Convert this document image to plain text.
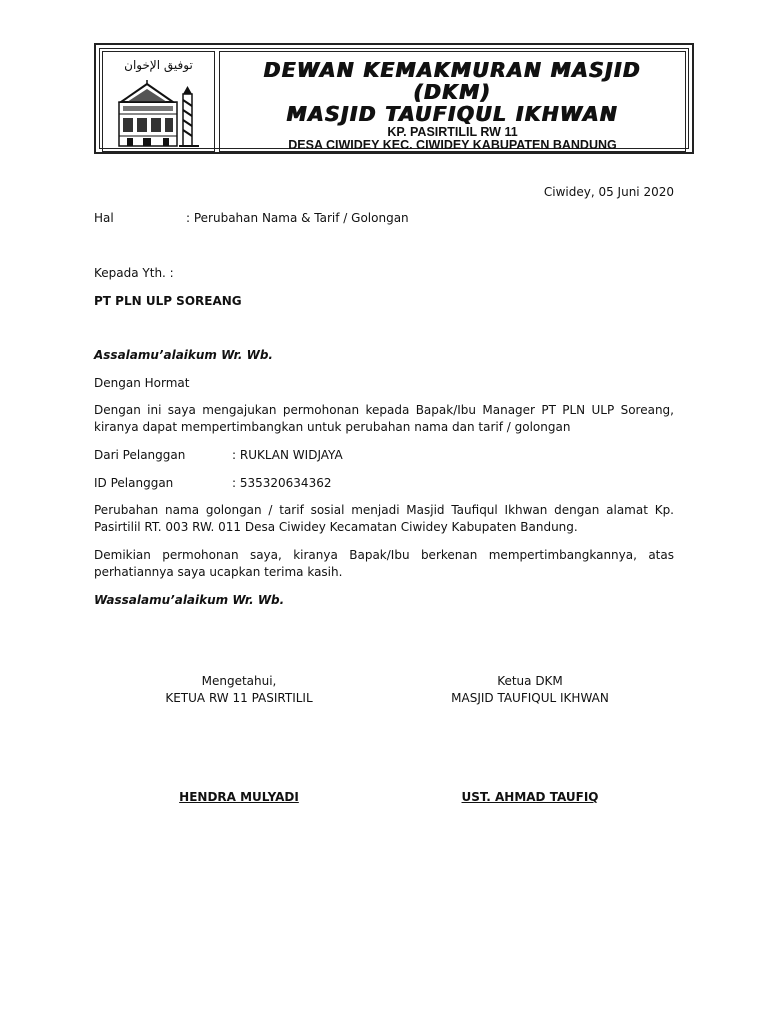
توفيق الإخوان	DEWAN KEMAKMURAN MASJID
(DKM)
MASJID TAUFIQUL IKHWAN
KP. PASIRTILIL RW 11
DESA CIWIDEY KEC. CIWIDEY KABUPATEN BANDUNG
Ciwidey, 05 Juni 2020
Hal	: Perubahan Nama & Tarif / Golongan
Kepada Yth. :
PT PLN ULP SOREANG
Assalamu’alaikum Wr. Wb.
Dengan Hormat
Dengan ini saya mengajukan permohonan kepada Bapak/Ibu Manager PT PLN ULP Soreang, kiranya dapat mempertimbangkan untuk perubahan nama dan tarif / golongan
Dari Pelanggan	: RUKLAN WIDJAYA
ID Pelanggan	: 535320634362
Perubahan nama golongan / tarif sosial menjadi Masjid Taufiqul Ikhwan dengan alamat Kp. Pasirtilil RT. 003 RW. 011 Desa Ciwidey Kecamatan Ciwidey Kabupaten Bandung.
Demikian permohonan saya, kiranya Bapak/Ibu berkenan mempertimbangkannya, atas perhatiannya saya ucapkan terima kasih.
Wassalamu’alaikum Wr. Wb.
Mengetahui,
KETUA RW 11 PASIRTILIL
HENDRA MULYADI
Ketua DKM
MASJID TAUFIQUL IKHWAN
UST. AHMAD TAUFIQ
